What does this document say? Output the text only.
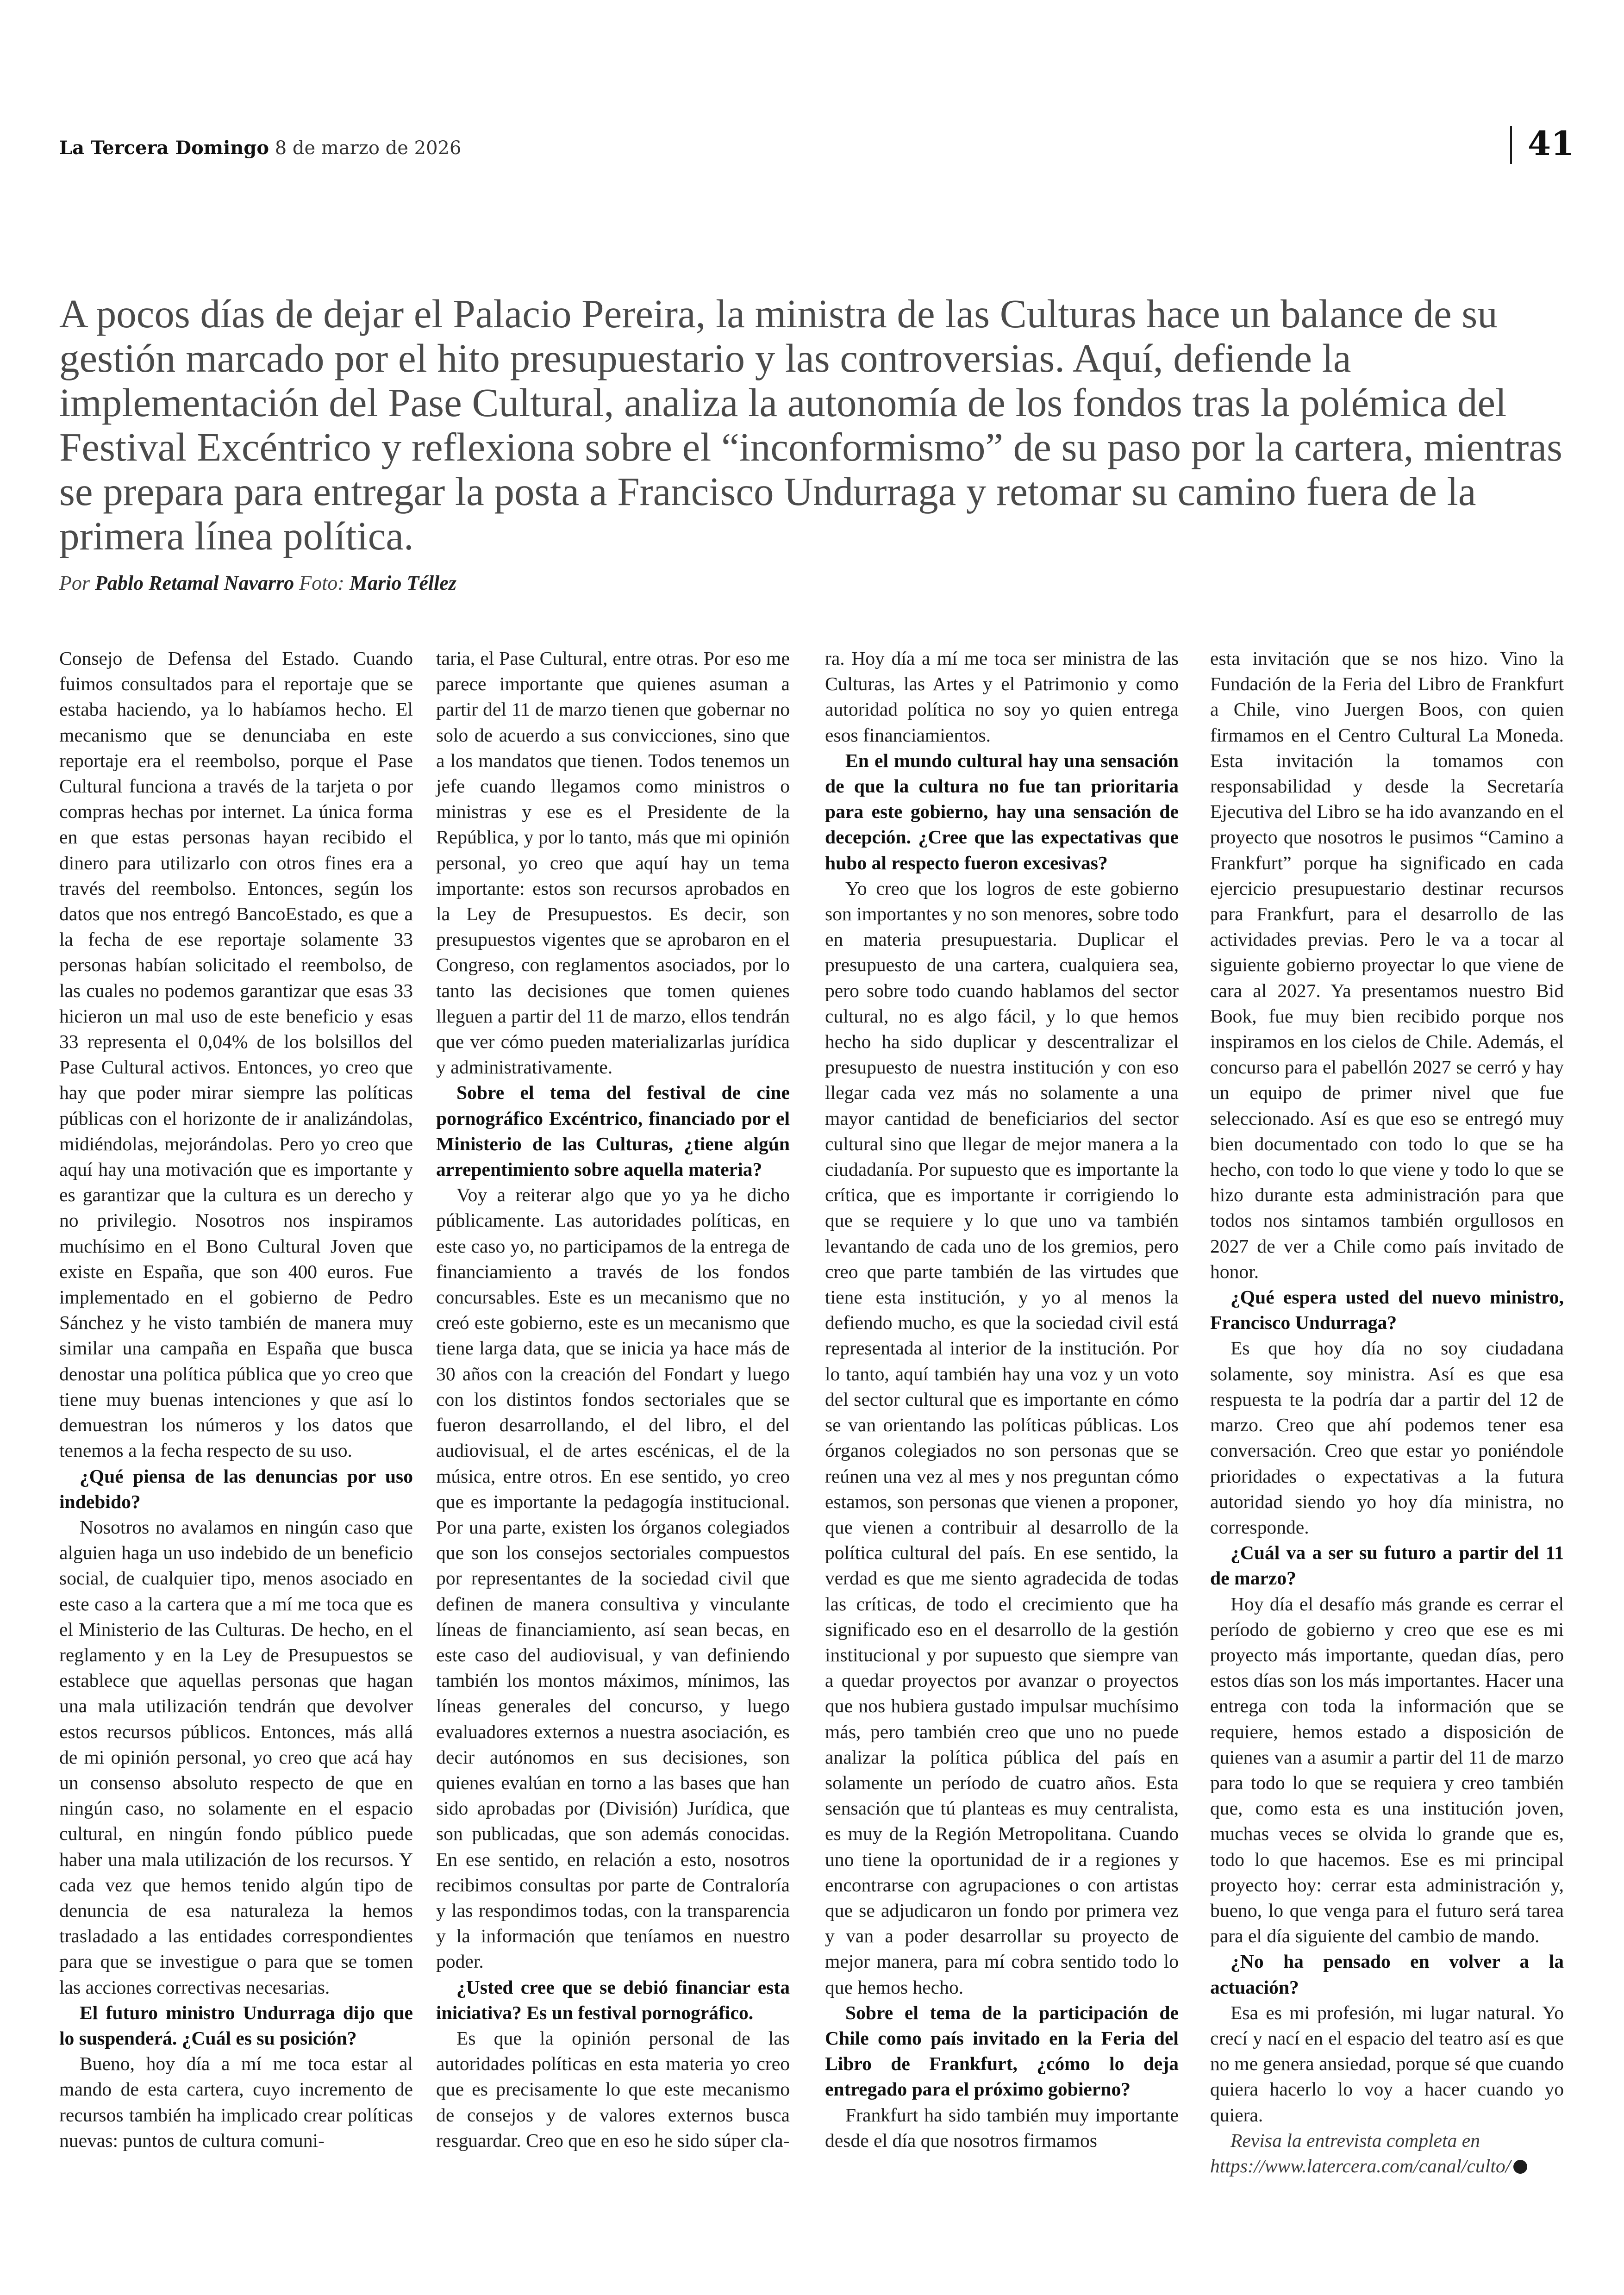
La Tercera Domingo 8 de marzo de 2026	41

A pocos días de dejar el Palacio Pereira, la ministra de las Culturas hace un balance de su gestión marcado por el hito presupuestario y las controversias. Aquí, defiende la implementación del Pase Cultural, analiza la autonomía de los fondos tras la polémica del Festival Excéntrico y reflexiona sobre el “inconformismo” de su paso por la cartera, mientras se prepara para entregar la posta a Francisco Undurraga y retomar su camino fuera de la primera línea política.

Por Pablo Retamal Navarro Foto: Mario Téllez

Consejo de Defensa del Estado. Cuando fuimos consultados para el reportaje que se estaba haciendo, ya lo habíamos hecho. El mecanismo que se denunciaba en este reportaje era el reembolso, porque el Pase Cultural funciona a través de la tarjeta o por compras hechas por internet. La única forma en que estas personas hayan recibido el dinero para utilizarlo con otros fines era a través del reembolso. Entonces, según los datos que nos entregó BancoEstado, es que a la fecha de ese reportaje solamente 33 personas habían solicitado el reembolso, de las cuales no podemos garantizar que esas 33 hicieron un mal uso de este beneficio y esas 33 representa el 0,04% de los bolsillos del Pase Cultural activos. Entonces, yo creo que hay que poder mirar siempre las políticas públicas con el horizonte de ir analizándolas, midiéndolas, mejorándolas. Pero yo creo que aquí hay una motivación que es importante y es garantizar que la cultura es un derecho y no privilegio. Nosotros nos inspiramos muchísimo en el Bono Cultural Joven que existe en España, que son 400 euros. Fue implementado en el gobierno de Pedro Sánchez y he visto también de manera muy similar una campaña en España que busca denostar una política pública que yo creo que tiene muy buenas intenciones y que así lo demuestran los números y los datos que tenemos a la fecha respecto de su uso.

¿Qué piensa de las denuncias por uso indebido?

Nosotros no avalamos en ningún caso que alguien haga un uso indebido de un beneficio social, de cualquier tipo, menos asociado en este caso a la cartera que a mí me toca que es el Ministerio de las Culturas. De hecho, en el reglamento y en la Ley de Presupuestos se establece que aquellas personas que hagan una mala utilización tendrán que devolver estos recursos públicos. Entonces, más allá de mi opinión personal, yo creo que acá hay un consenso absoluto respecto de que en ningún caso, no solamente en el espacio cultural, en ningún fondo público puede haber una mala utilización de los recursos. Y cada vez que hemos tenido algún tipo de denuncia de esa naturaleza la hemos trasladado a las entidades correspondientes para que se investigue o para que se tomen las acciones correctivas necesarias.

El futuro ministro Undurraga dijo que lo suspenderá. ¿Cuál es su posición?

Bueno, hoy día a mí me toca estar al mando de esta cartera, cuyo incremento de recursos también ha implicado crear políticas nuevas: puntos de cultura comuni-

taria, el Pase Cultural, entre otras. Por eso me parece importante que quienes asuman a partir del 11 de marzo tienen que gobernar no solo de acuerdo a sus convicciones, sino que a los mandatos que tienen. Todos tenemos un jefe cuando llegamos como ministros o ministras y ese es el Presidente de la República, y por lo tanto, más que mi opinión personal, yo creo que aquí hay un tema importante: estos son recursos aprobados en la Ley de Presupuestos. Es decir, son presupuestos vigentes que se aprobaron en el Congreso, con reglamentos asociados, por lo tanto las decisiones que tomen quienes lleguen a partir del 11 de marzo, ellos tendrán que ver cómo pueden materializarlas jurídica y administrativamente.

Sobre el tema del festival de cine pornográfico Excéntrico, financiado por el Ministerio de las Culturas, ¿tiene algún arrepentimiento sobre aquella materia?

Voy a reiterar algo que yo ya he dicho públicamente. Las autoridades políticas, en este caso yo, no participamos de la entrega de financiamiento a través de los fondos concursables. Este es un mecanismo que no creó este gobierno, este es un mecanismo que tiene larga data, que se inicia ya hace más de 30 años con la creación del Fondart y luego con los distintos fondos sectoriales que se fueron desarrollando, el del libro, el del audiovisual, el de artes escénicas, el de la música, entre otros. En ese sentido, yo creo que es importante la pedagogía institucional. Por una parte, existen los órganos colegiados que son los consejos sectoriales compuestos por representantes de la sociedad civil que definen de manera consultiva y vinculante líneas de financiamiento, así sean becas, en este caso del audiovisual, y van definiendo también los montos máximos, mínimos, las líneas generales del concurso, y luego evaluadores externos a nuestra asociación, es decir autónomos en sus decisiones, son quienes evalúan en torno a las bases que han sido aprobadas por (División) Jurídica, que son publicadas, que son además conocidas. En ese sentido, en relación a esto, nosotros recibimos consultas por parte de Contraloría y las respondimos todas, con la transparencia y la información que teníamos en nuestro poder.

¿Usted cree que se debió financiar esta iniciativa? Es un festival pornográfico.

Es que la opinión personal de las autoridades políticas en esta materia yo creo que es precisamente lo que este mecanismo de consejos y de valores externos busca resguardar. Creo que en eso he sido súper cla-

ra. Hoy día a mí me toca ser ministra de las Culturas, las Artes y el Patrimonio y como autoridad política no soy yo quien entrega esos financiamientos.

En el mundo cultural hay una sensación de que la cultura no fue tan prioritaria para este gobierno, hay una sensación de decepción. ¿Cree que las expectativas que hubo al respecto fueron excesivas?

Yo creo que los logros de este gobierno son importantes y no son menores, sobre todo en materia presupuestaria. Duplicar el presupuesto de una cartera, cualquiera sea, pero sobre todo cuando hablamos del sector cultural, no es algo fácil, y lo que hemos hecho ha sido duplicar y descentralizar el presupuesto de nuestra institución y con eso llegar cada vez más no solamente a una mayor cantidad de beneficiarios del sector cultural sino que llegar de mejor manera a la ciudadanía. Por supuesto que es importante la crítica, que es importante ir corrigiendo lo que se requiere y lo que uno va también levantando de cada uno de los gremios, pero creo que parte también de las virtudes que tiene esta institución, y yo al menos la defiendo mucho, es que la sociedad civil está representada al interior de la institución. Por lo tanto, aquí también hay una voz y un voto del sector cultural que es importante en cómo se van orientando las políticas públicas. Los órganos colegiados no son personas que se reúnen una vez al mes y nos preguntan cómo estamos, son personas que vienen a proponer, que vienen a contribuir al desarrollo de la política cultural del país. En ese sentido, la verdad es que me siento agradecida de todas las críticas, de todo el crecimiento que ha significado eso en el desarrollo de la gestión institucional y por supuesto que siempre van a quedar proyectos por avanzar o proyectos que nos hubiera gustado impulsar muchísimo más, pero también creo que uno no puede analizar la política pública del país en solamente un período de cuatro años. Esta sensación que tú planteas es muy centralista, es muy de la Región Metropolitana. Cuando uno tiene la oportunidad de ir a regiones y encontrarse con agrupaciones o con artistas que se adjudicaron un fondo por primera vez y van a poder desarrollar su proyecto de mejor manera, para mí cobra sentido todo lo que hemos hecho.

Sobre el tema de la participación de Chile como país invitado en la Feria del Libro de Frankfurt, ¿cómo lo deja entregado para el próximo gobierno?

Frankfurt ha sido también muy importante desde el día que nosotros firmamos

esta invitación que se nos hizo. Vino la Fundación de la Feria del Libro de Frankfurt a Chile, vino Juergen Boos, con quien firmamos en el Centro Cultural La Moneda. Esta invitación la tomamos con responsabilidad y desde la Secretaría Ejecutiva del Libro se ha ido avanzando en el proyecto que nosotros le pusimos “Camino a Frankfurt” porque ha significado en cada ejercicio presupuestario destinar recursos para Frankfurt, para el desarrollo de las actividades previas. Pero le va a tocar al siguiente gobierno proyectar lo que viene de cara al 2027. Ya presentamos nuestro Bid Book, fue muy bien recibido porque nos inspiramos en los cielos de Chile. Además, el concurso para el pabellón 2027 se cerró y hay un equipo de primer nivel que fue seleccionado. Así es que eso se entregó muy bien documentado con todo lo que se ha hecho, con todo lo que viene y todo lo que se hizo durante esta administración para que todos nos sintamos también orgullosos en 2027 de ver a Chile como país invitado de honor.

¿Qué espera usted del nuevo ministro, Francisco Undurraga?

Es que hoy día no soy ciudadana solamente, soy ministra. Así es que esa respuesta te la podría dar a partir del 12 de marzo. Creo que ahí podemos tener esa conversación. Creo que estar yo poniéndole prioridades o expectativas a la futura autoridad siendo yo hoy día ministra, no corresponde.

¿Cuál va a ser su futuro a partir del 11 de marzo?

Hoy día el desafío más grande es cerrar el período de gobierno y creo que ese es mi proyecto más importante, quedan días, pero estos días son los más importantes. Hacer una entrega con toda la información que se requiere, hemos estado a disposición de quienes van a asumir a partir del 11 de marzo para todo lo que se requiera y creo también que, como esta es una institución joven, muchas veces se olvida lo grande que es, todo lo que hacemos. Ese es mi principal proyecto hoy: cerrar esta administración y, bueno, lo que venga para el futuro será tarea para el día siguiente del cambio de mando.

¿No ha pensado en volver a la actuación?

Esa es mi profesión, mi lugar natural. Yo crecí y nací en el espacio del teatro así es que no me genera ansiedad, porque sé que cuando quiera hacerlo lo voy a hacer cuando yo quiera.

Revisa la entrevista completa en https://www.latercera.com/canal/culto/
